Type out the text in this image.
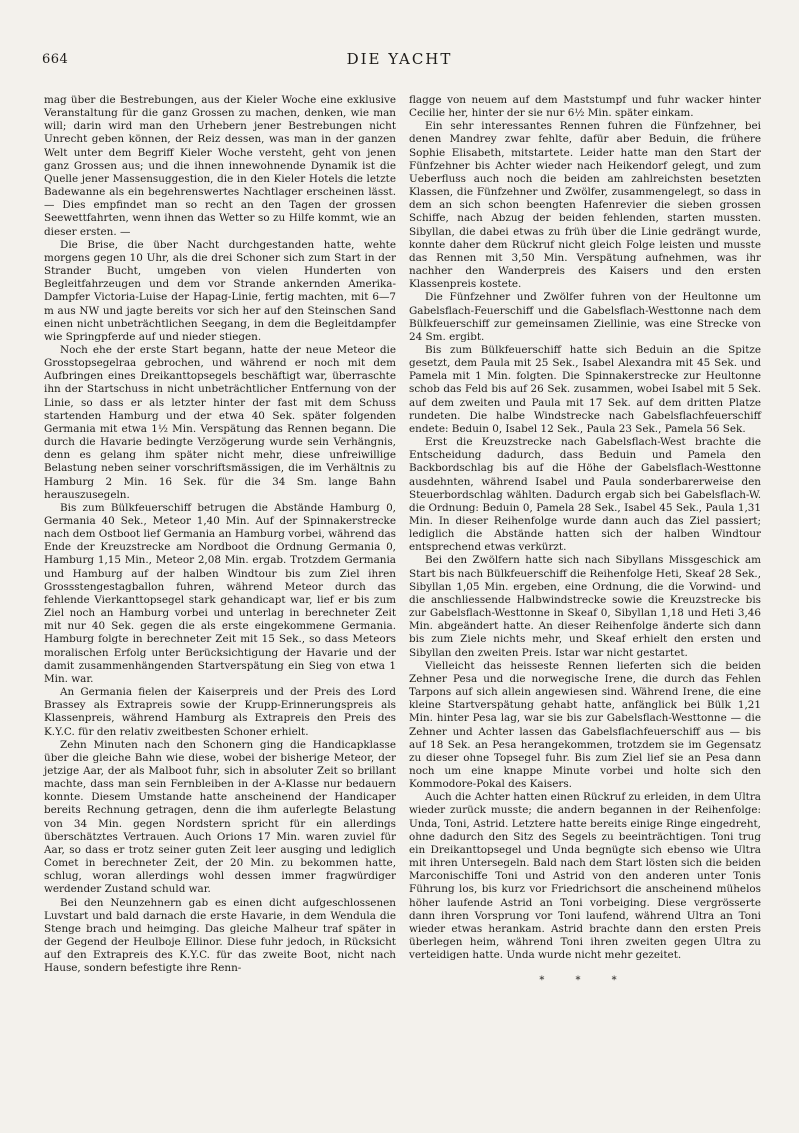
664	DIE YACHT

mag über die Bestrebungen, aus der Kieler Woche eine exklusive Veranstaltung für die ganz Grossen zu machen, denken, wie man will; darin wird man den Urhebern jener Bestrebungen nicht Unrecht geben können, der Reiz dessen, was man in der ganzen Welt unter dem Begriff Kieler Woche versteht, geht von jenen ganz Grossen aus; und die ihnen innewohnende Dynamik ist die Quelle jener Massensuggestion, die in den Kieler Hotels die letzte Badewanne als ein begehrenswertes Nachtlager erscheinen lässt. — Dies empfindet man so recht an den Tagen der grossen Seewettfahrten, wenn ihnen das Wetter so zu Hilfe kommt, wie an dieser ersten. —

Die Brise, die über Nacht durchgestanden hatte, wehte morgens gegen 10 Uhr, als die drei Schoner sich zum Start in der Strander Bucht, umgeben von vielen Hunderten von Begleitfahrzeugen und dem vor Strande ankernden Amerika-Dampfer Victoria-Luise der Hapag-Linie, fertig machten, mit 6—7 m aus NW und jagte bereits vor sich her auf den Steinschen Sand einen nicht unbeträchtlichen Seegang, in dem die Begleitdampfer wie Springpferde auf und nieder stiegen.

Noch ehe der erste Start begann, hatte der neue Meteor die Grosstopsegelraa gebrochen, und während er noch mit dem Aufbringen eines Dreikanttopsegels beschäftigt war, überraschte ihn der Startschuss in nicht unbeträchtlicher Entfernung von der Linie, so dass er als letzter hinter der fast mit dem Schuss startenden Hamburg und der etwa 40 Sek. später folgenden Germania mit etwa 1½ Min. Verspätung das Rennen begann. Die durch die Havarie bedingte Verzögerung wurde sein Verhängnis, denn es gelang ihm später nicht mehr, diese unfreiwillige Belastung neben seiner vorschriftsmässigen, die im Verhältnis zu Hamburg 2 Min. 16 Sek. für die 34 Sm. lange Bahn herauszusegeln.

Bis zum Bülkfeuerschiff betrugen die Abstände Hamburg 0, Germania 40 Sek., Meteor 1,40 Min. Auf der Spinnakerstrecke nach dem Ostboot lief Germania an Hamburg vorbei, während das Ende der Kreuzstrecke am Nordboot die Ordnung Germania 0, Hamburg 1,15 Min., Meteor 2,08 Min. ergab. Trotzdem Germania und Hamburg auf der halben Windtour bis zum Ziel ihren Grossstengestagballon fuhren, während Meteor durch das fehlende Vierkanttopsegel stark gehandicapt war, lief er bis zum Ziel noch an Hamburg vorbei und unterlag in berechneter Zeit mit nur 40 Sek. gegen die als erste eingekommene Germania. Hamburg folgte in berechneter Zeit mit 15 Sek., so dass Meteors moralischen Erfolg unter Berücksichtigung der Havarie und der damit zusammenhängenden Startverspätung ein Sieg von etwa 1 Min. war.

An Germania fielen der Kaiserpreis und der Preis des Lord Brassey als Extrapreis sowie der Krupp-Erinnerungspreis als Klassenpreis, während Hamburg als Extrapreis den Preis des K.Y.C. für den relativ zweitbesten Schoner erhielt.

Zehn Minuten nach den Schonern ging die Handicapklasse über die gleiche Bahn wie diese, wobei der bisherige Meteor, der jetzige Aar, der als Malboot fuhr, sich in absoluter Zeit so brillant machte, dass man sein Fernbleiben in der A-Klasse nur bedauern konnte. Diesem Umstande hatte anscheinend der Handicaper bereits Rechnung getragen, denn die ihm auferlegte Belastung von 34 Min. gegen Nordstern spricht für ein allerdings überschätztes Vertrauen. Auch Orions 17 Min. waren zuviel für Aar, so dass er trotz seiner guten Zeit leer ausging und lediglich Comet in berechneter Zeit, der 20 Min. zu bekommen hatte, schlug, woran allerdings wohl dessen immer fragwürdiger werdender Zustand schuld war.

Bei den Neunzehnern gab es einen dicht aufgeschlossenen Luvstart und bald darnach die erste Havarie, in dem Wendula die Stenge brach und heimging. Das gleiche Malheur traf später in der Gegend der Heulboje Ellinor. Diese fuhr jedoch, in Rücksicht auf den Extrapreis des K.Y.C. für das zweite Boot, nicht nach Hause, sondern befestigte ihre Renn-

flagge von neuem auf dem Maststumpf und fuhr wacker hinter Cecilie her, hinter der sie nur 6½ Min. später einkam.

Ein sehr interessantes Rennen fuhren die Fünfzehner, bei denen Mandrey zwar fehlte, dafür aber Beduin, die frühere Sophie Elisabeth, mitstartete. Leider hatte man den Start der Fünfzehner bis Achter wieder nach Heikendorf gelegt, und zum Ueberfluss auch noch die beiden am zahlreichsten besetzten Klassen, die Fünfzehner und Zwölfer, zusammengelegt, so dass in dem an sich schon beengten Hafenrevier die sieben grossen Schiffe, nach Abzug der beiden fehlenden, starten mussten. Sibyllan, die dabei etwas zu früh über die Linie gedrängt wurde, konnte daher dem Rückruf nicht gleich Folge leisten und musste das Rennen mit 3,50 Min. Verspätung aufnehmen, was ihr nachher den Wanderpreis des Kaisers und den ersten Klassenpreis kostete.

Die Fünfzehner und Zwölfer fuhren von der Heultonne um Gabelsflach-Feuerschiff und die Gabelsflach-Westtonne nach dem Bülkfeuerschiff zur gemeinsamen Ziellinie, was eine Strecke von 24 Sm. ergibt.

Bis zum Bülkfeuerschiff hatte sich Beduin an die Spitze gesetzt, dem Paula mit 25 Sek., Isabel Alexandra mit 45 Sek. und Pamela mit 1 Min. folgten. Die Spinnakerstrecke zur Heultonne schob das Feld bis auf 26 Sek. zusammen, wobei Isabel mit 5 Sek. auf dem zweiten und Paula mit 17 Sek. auf dem dritten Platze rundeten. Die halbe Windstrecke nach Gabelsflachfeuerschiff endete: Beduin 0, Isabel 12 Sek., Paula 23 Sek., Pamela 56 Sek.

Erst die Kreuzstrecke nach Gabelsflach-West brachte die Entscheidung dadurch, dass Beduin und Pamela den Backbordschlag bis auf die Höhe der Gabelsflach-Westtonne ausdehnten, während Isabel und Paula sonderbarerweise den Steuerbordschlag wählten. Dadurch ergab sich bei Gabelsflach-W. die Ordnung: Beduin 0, Pamela 28 Sek., Isabel 45 Sek., Paula 1,31 Min. In dieser Reihenfolge wurde dann auch das Ziel passiert; lediglich die Abstände hatten sich der halben Windtour entsprechend etwas verkürzt.

Bei den Zwölfern hatte sich nach Sibyllans Missgeschick am Start bis nach Bülkfeuerschiff die Reihenfolge Heti, Skeaf 28 Sek., Sibyllan 1,05 Min. ergeben, eine Ordnung, die die Vorwind- und die anschliessende Halbwindstrecke sowie die Kreuzstrecke bis zur Gabelsflach-Westtonne in Skeaf 0, Sibyllan 1,18 und Heti 3,46 Min. abgeändert hatte. An dieser Reihenfolge änderte sich dann bis zum Ziele nichts mehr, und Skeaf erhielt den ersten und Sibyllan den zweiten Preis. Istar war nicht gestartet.

Vielleicht das heisseste Rennen lieferten sich die beiden Zehner Pesa und die norwegische Irene, die durch das Fehlen Tarpons auf sich allein angewiesen sind. Während Irene, die eine kleine Startverspätung gehabt hatte, anfänglick bei Bülk 1,21 Min. hinter Pesa lag, war sie bis zur Gabelsflach-Westtonne — die Zehner und Achter lassen das Gabelsflachfeuerschiff aus — bis auf 18 Sek. an Pesa herangekommen, trotzdem sie im Gegensatz zu dieser ohne Topsegel fuhr. Bis zum Ziel lief sie an Pesa dann noch um eine knappe Minute vorbei und holte sich den Kommodore-Pokal des Kaisers.

Auch die Achter hatten einen Rückruf zu erleiden, in dem Ultra wieder zurück musste; die andern begannen in der Reihenfolge: Unda, Toni, Astrid. Letztere hatte bereits einige Ringe eingedreht, ohne dadurch den Sitz des Segels zu beeinträchtigen. Toni trug ein Dreikanttopsegel und Unda begnügte sich ebenso wie Ultra mit ihren Untersegeln. Bald nach dem Start lösten sich die beiden Marconischiffe Toni und Astrid von den anderen unter Tonis Führung los, bis kurz vor Friedrichsort die anscheinend mühelos höher laufende Astrid an Toni vorbeiging. Diese vergrösserte dann ihren Vorsprung vor Toni laufend, während Ultra an Toni wieder etwas herankam. Astrid brachte dann den ersten Preis überlegen heim, während Toni ihren zweiten gegen Ultra zu verteidigen hatte. Unda wurde nicht mehr gezeitet.

* * *
